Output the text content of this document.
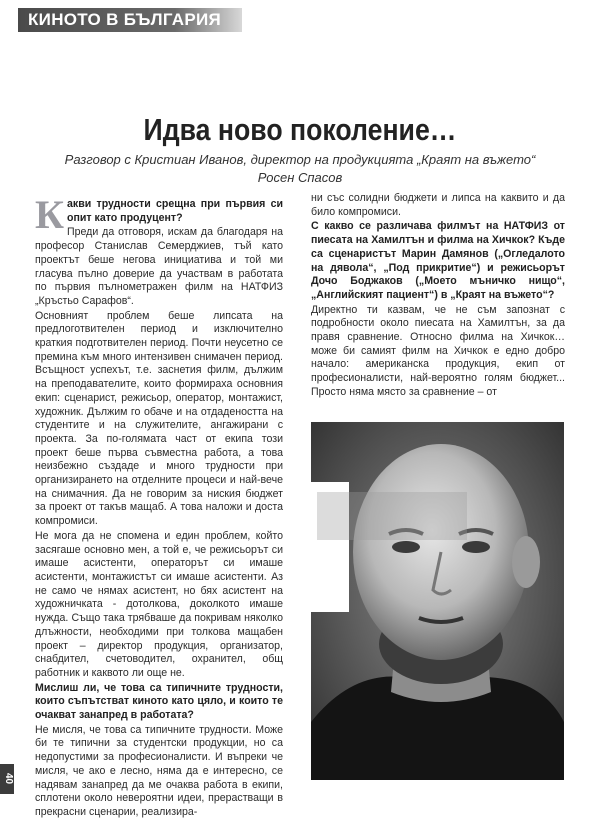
КИНОТО В БЪЛГАРИЯ
Идва ново поколение…
Разговор с Кристиан Иванов, директор на продукцията „Краят на въжето“
Росен Спасов

Какви трудности срещна при първия си опит като продуцент?

Преди да отговоря, искам да благодаря на професор Станислав Семерджиев, тъй като проектът беше негова инициатива и той ми гласува пълно доверие да участвам в работата по първия пълнометражен филм на НАТФИЗ „Кръстьо Сарафов“.

Основният проблем беше липсата на предлоготвителен период и изключително краткия подготвителен период. Почти неусетно се премина към много интензивен снимачен период. Всъщност успехът, т.е. заснетия филм, дължим на преподавателите, които формираха основния екип: сценарист, режисьор, оператор, монтажист, художник. Дължим го обаче и на отдадеността на студентите и на служителите, ангажирани с проекта. За по-голямата част от екипа този проект беше първа съвместна работа, а това неизбежно създаде и много трудности при организирането на отделните процеси и най-вече на снимачния. Да не говорим за ниския бюджет за проект от такъв мащаб. А това наложи и доста компромиси.

Не мога да не спомена и един проблем, който засягаше основно мен, а той е, че режисьорът си имаше асистенти, операторът си имаше асистенти, монтажистът си имаше асистенти. Аз не само че нямах асистент, но бях асистент на художничката - дотолкова, доколкото имаше нужда. Също така трябваше да покривам няколко длъжности, необходими при толкова мащабен проект – директор продукция, организатор, снабдител, счетоводител, охранител, общ работник и каквото ли още не.

Мислиш ли, че това са типичните трудности, които съпътстват киното като цяло, и които те очакват занапред в работата?

Не мисля, че това са типичните трудности. Може би те типични за студентски продукции, но са недопустими за професионалисти. И въпреки че мисля, че ако е лесно, няма да е интересно, се надявам занапред да ме очаква работа в екипи, сплотени около невероятни идеи, прерастващи в прекрасни сценарии, реализира-

ни със солидни бюджети и липса на каквито и да било компромиси.

С какво се различава филмът на НАТФИЗ от пиесата на Хамилтън и филма на Хичкок? Къде са сценаристът Марин Дамянов („Огледалото на дявола“, „Под прикритие“) и режисьорът Дочо Боджаков („Моето мъничко нищо“, „Английският пациент“) в „Краят на въжето“?

Директно ти казвам, че не съм запознат с подробности около пиесата на Хамилтън, за да правя сравнение. Относно филма на Хичкок… може би самият филм на Хичкок е едно добро начало: американска продукция, екип от професионалисти, най-вероятно голям бюджет... Просто няма място за сравнение – от

40
